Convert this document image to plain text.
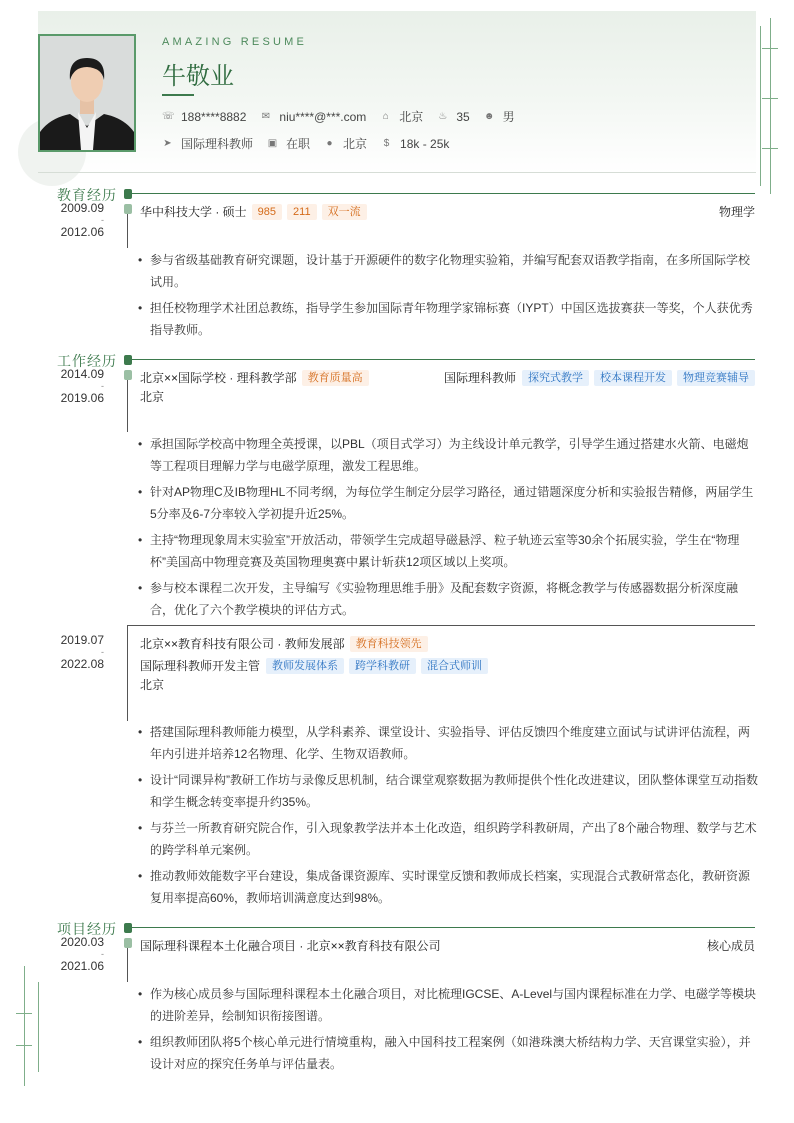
AMAZING RESUME
牛敬业
☏ 188****8882 ✉ niu****@***.com ⌂ 北京 ♨ 35 ☻ 男
➤ 国际理科教师 ▣ 在职 ● 北京 $ 18k - 25k
教育经历
2009.09
-
2012.06
华中科技大学 · 硕士	985	211	双一流	物理学
• 参与省级基础教育研究课题，设计基于开源硬件的数字化物理实验箱，并编写配套双语教学指南，在多所国际学校试用。
• 担任校物理学术社团总教练，指导学生参加国际青年物理学家锦标赛（IYPT）中国区选拔赛获一等奖，个人获优秀指导教师。
工作经历
2014.09
-
2019.06
北京××国际学校 · 理科教学部	教育质量高	国际理科教师	探究式教学	校本课程开发	物理竞赛辅导
北京
• 承担国际学校高中物理全英授课，以PBL（项目式学习）为主线设计单元教学，引导学生通过搭建水火箭、电磁炮等工程项目理解力学与电磁学原理，激发工程思维。
• 针对AP物理C及IB物理HL不同考纲，为每位学生制定分层学习路径，通过错题深度分析和实验报告精修，两届学生5分率及6-7分率较入学初提升近25%。
• 主持“物理现象周末实验室”开放活动，带领学生完成超导磁悬浮、粒子轨迹云室等30余个拓展实验，学生在“物理杯”美国高中物理竞赛及英国物理奥赛中累计斩获12项区域以上奖项。
• 参与校本课程二次开发，主导编写《实验物理思维手册》及配套数字资源，将概念教学与传感器数据分析深度融合，优化了六个教学模块的评估方式。
2019.07
-
2022.08
北京××教育科技有限公司 · 教师发展部	教育科技领先
国际理科教师开发主管	教师发展体系	跨学科教研	混合式师训
北京
• 搭建国际理科教师能力模型，从学科素养、课堂设计、实验指导、评估反馈四个维度建立面试与试讲评估流程，两年内引进并培养12名物理、化学、生物双语教师。
• 设计“同课异构”教研工作坊与录像反思机制，结合课堂观察数据为教师提供个性化改进建议，团队整体课堂互动指数和学生概念转变率提升约35%。
• 与芬兰一所教育研究院合作，引入现象教学法并本土化改造，组织跨学科教研周，产出了8个融合物理、数学与艺术的跨学科单元案例。
• 推动教师效能数字平台建设，集成备课资源库、实时课堂反馈和教师成长档案，实现混合式教研常态化，教研资源复用率提高60%，教师培训满意度达到98%。
项目经历
2020.03
-
2021.06
国际理科课程本土化融合项目 · 北京××教育科技有限公司	核心成员
• 作为核心成员参与国际理科课程本土化融合项目，对比梳理IGCSE、A-Level与国内课程标准在力学、电磁学等模块的进阶差异，绘制知识衔接图谱。
• 组织教师团队将5个核心单元进行情境重构，融入中国科技工程案例（如港珠澳大桥结构力学、天宫课堂实验），并设计对应的探究任务单与评估量表。
